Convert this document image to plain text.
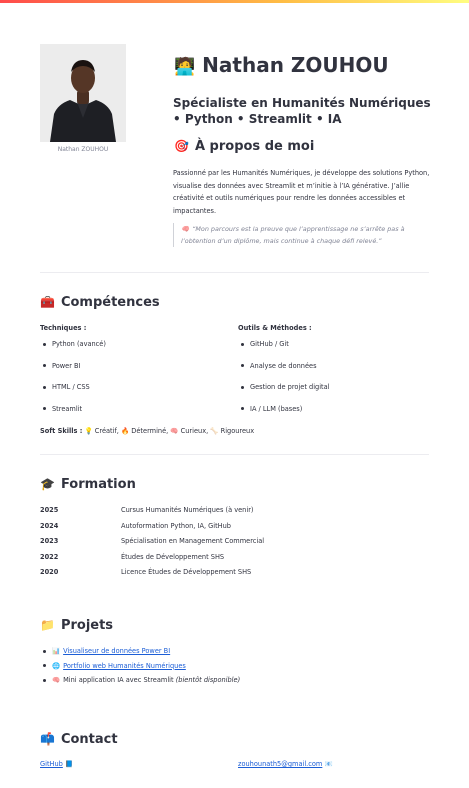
Nathan ZOUHOU
🧑‍💻 Nathan ZOUHOU
Spécialiste en Humanités Numériques • Python • Streamlit • IA
🎯 À propos de moi
Passionné par les Humanités Numériques, je développe des solutions Python, visualise des données avec Streamlit et m’initie à l’IA générative. J’allie créativité et outils numériques pour rendre les données accessibles et impactantes.
🧠 “Mon parcours est la preuve que l’apprentissage ne s’arrête pas à l’obtention d’un diplôme, mais continue à chaque défi relevé.”
🧰 Compétences
Techniques :
Python (avancé)
Power BI
HTML / CSS
Streamlit
Outils & Méthodes :
GitHub / Git
Analyse de données
Gestion de projet digital
IA / LLM (bases)
Soft Skills : 💡 Créatif, 🔥 Déterminé, 🧠 Curieux, 🦴 Rigoureux
🎓 Formation
2025	Cursus Humanités Numériques (à venir)
2024	Autoformation Python, IA, GitHub
2023	Spécialisation en Management Commercial
2022	Études de Développement SHS
2020	Licence Études de Développement SHS
📁 Projets
📊 Visualiseur de données Power BI
🌐 Portfolio web Humanités Numériques
🧠 Mini application IA avec Streamlit (bientôt disponible)
📫 Contact
GitHub 📘	zouhounath5@gmail.com 📧
